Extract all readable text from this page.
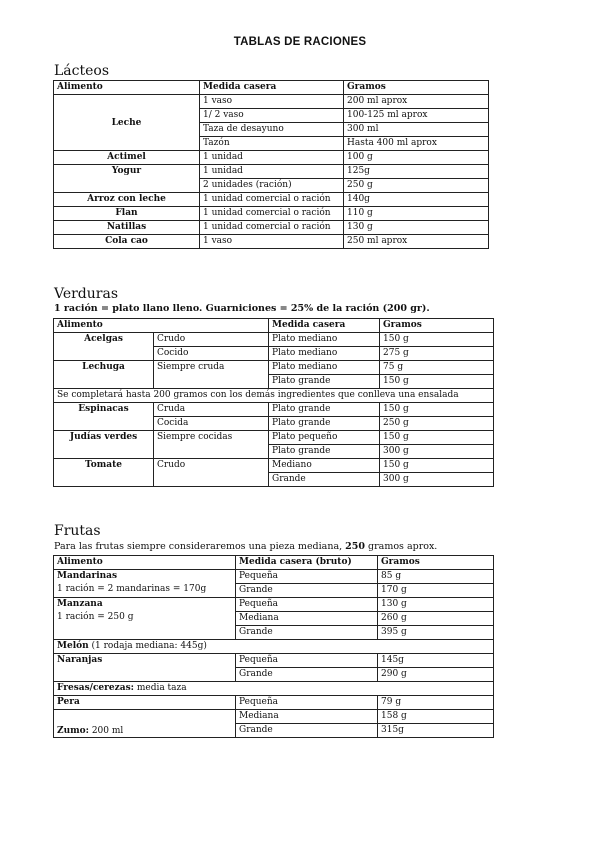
TABLAS DE RACIONES
Lácteos
Alimento	Medida casera	Gramos
Leche	1 vaso	200 ml aprox
	1/ 2 vaso	100-125 ml aprox
	Taza de desayuno	300 ml
	Tazón	Hasta 400 ml aprox
Actimel	1 unidad	100 g
Yogur	1 unidad	125g
	2 unidades (ración)	250 g
Arroz con leche	1 unidad comercial o ración	140g
Flan	1 unidad comercial o ración	110 g
Natillas	1 unidad comercial o ración	130 g
Cola cao	1 vaso	250 ml aprox
Verduras
1 ración = plato llano lleno. Guarniciones = 25% de la ración (200 gr).
Alimento		Medida casera	Gramos
Acelgas	Crudo	Plato mediano	150 g
	Cocido	Plato mediano	275 g
Lechuga	Siempre cruda	Plato mediano	75 g
		Plato grande	150 g
Se completará hasta 200 gramos con los demás ingredientes que conlleva una ensalada			
Espinacas	Cruda	Plato grande	150 g
	Cocida	Plato grande	250 g
Judías verdes	Siempre cocidas	Plato pequeño	150 g
		Plato grande	300 g
Tomate	Crudo	Mediano	150 g
		Grande	300 g
Frutas
Para las frutas siempre consideraremos una pieza mediana, 250 gramos aprox.
Alimento	Medida casera (bruto)	Gramos

Mandarinas
1 ración = 2 mandarinas = 170g	Pequeña	85 g
	Grande	170 g

Manzana
1 ración = 250 g	Pequeña	130 g
	Mediana	260 g
	Grande	395 g
Melón (1 rodaja mediana: 445g)		
Naranjas	Pequeña	145g
	Grande	290 g
Fresas/cerezas: media taza		
Pera	Pequeña	79 g
Zumo: 200 ml	Mediana	158 g
	Grande	315g
